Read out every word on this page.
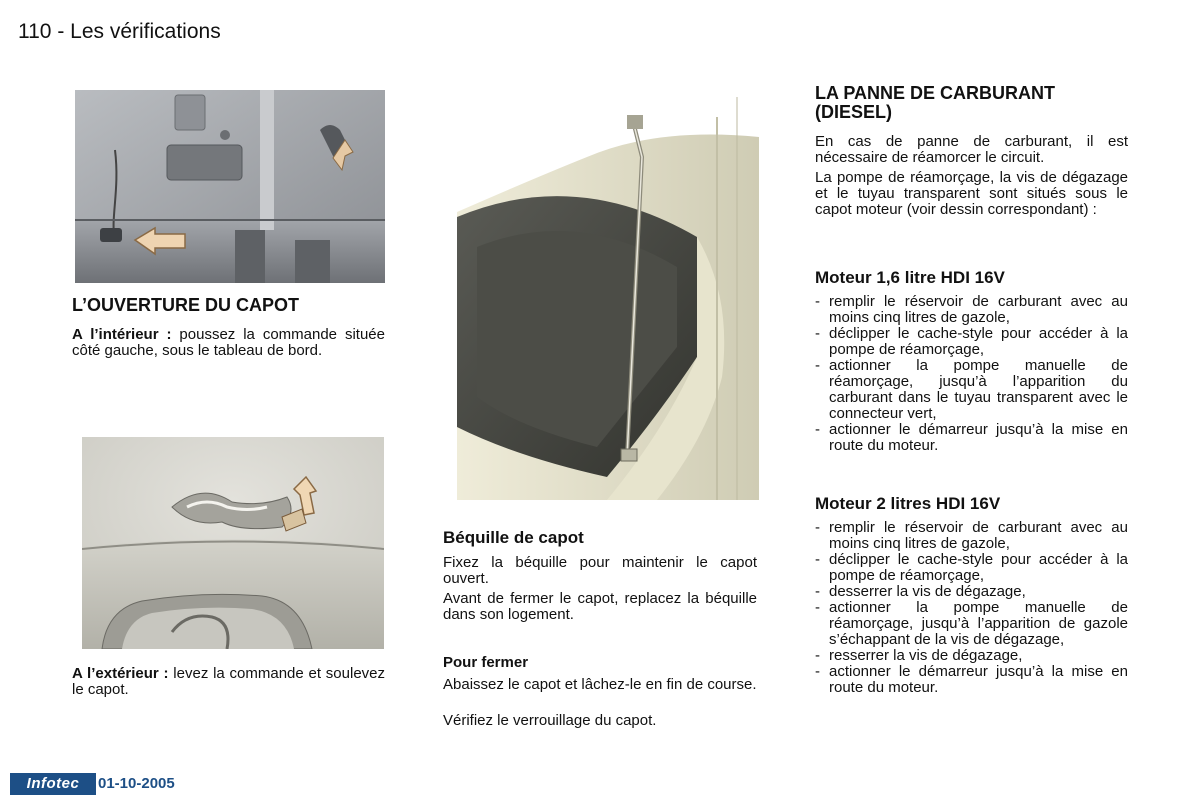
110 - Les vérifications
L’OUVERTURE DU CAPOT

A l’intérieur : poussez la commande située côté gauche, sous le tableau de bord.

A l’extérieur : levez la commande et soulevez le capot.

Béquille de capot

Fixez la béquille pour maintenir le capot ouvert.

Avant de fermer le capot, replacez la béquille dans son logement.

Pour fermer

Abaissez le capot et lâchez-le en fin de course.

Vérifiez le verrouillage du capot.

LA PANNE DE CARBURANT
(DIESEL)

En cas de panne de carburant, il est nécessaire de réamorcer le circuit.

La pompe de réamorçage, la vis de dégazage et le tuyau transparent sont situés sous le capot moteur (voir dessin correspondant) :

Moteur 1,6 litre HDI 16V
- remplir le réservoir de carburant avec au moins cinq litres de gazole,
- déclipper le cache-style pour accéder à la pompe de réamorçage,
- actionner la pompe manuelle de réamorçage, jusqu’à l’apparition du carburant dans le tuyau transparent avec le connecteur vert,
- actionner le démarreur jusqu’à la mise en route du moteur.
Moteur 2 litres HDI 16V
- remplir le réservoir de carburant avec au moins cinq litres de gazole,
- déclipper le cache-style pour accéder à la pompe de réamorçage,
- desserrer la vis de dégazage,
- actionner la pompe manuelle de réamorçage, jusqu’à l’apparition de gazole s’échappant de la vis de dégazage,
- resserrer la vis de dégazage,
- actionner le démarreur jusqu’à la mise en route du moteur.
Infotec	01-10-2005
